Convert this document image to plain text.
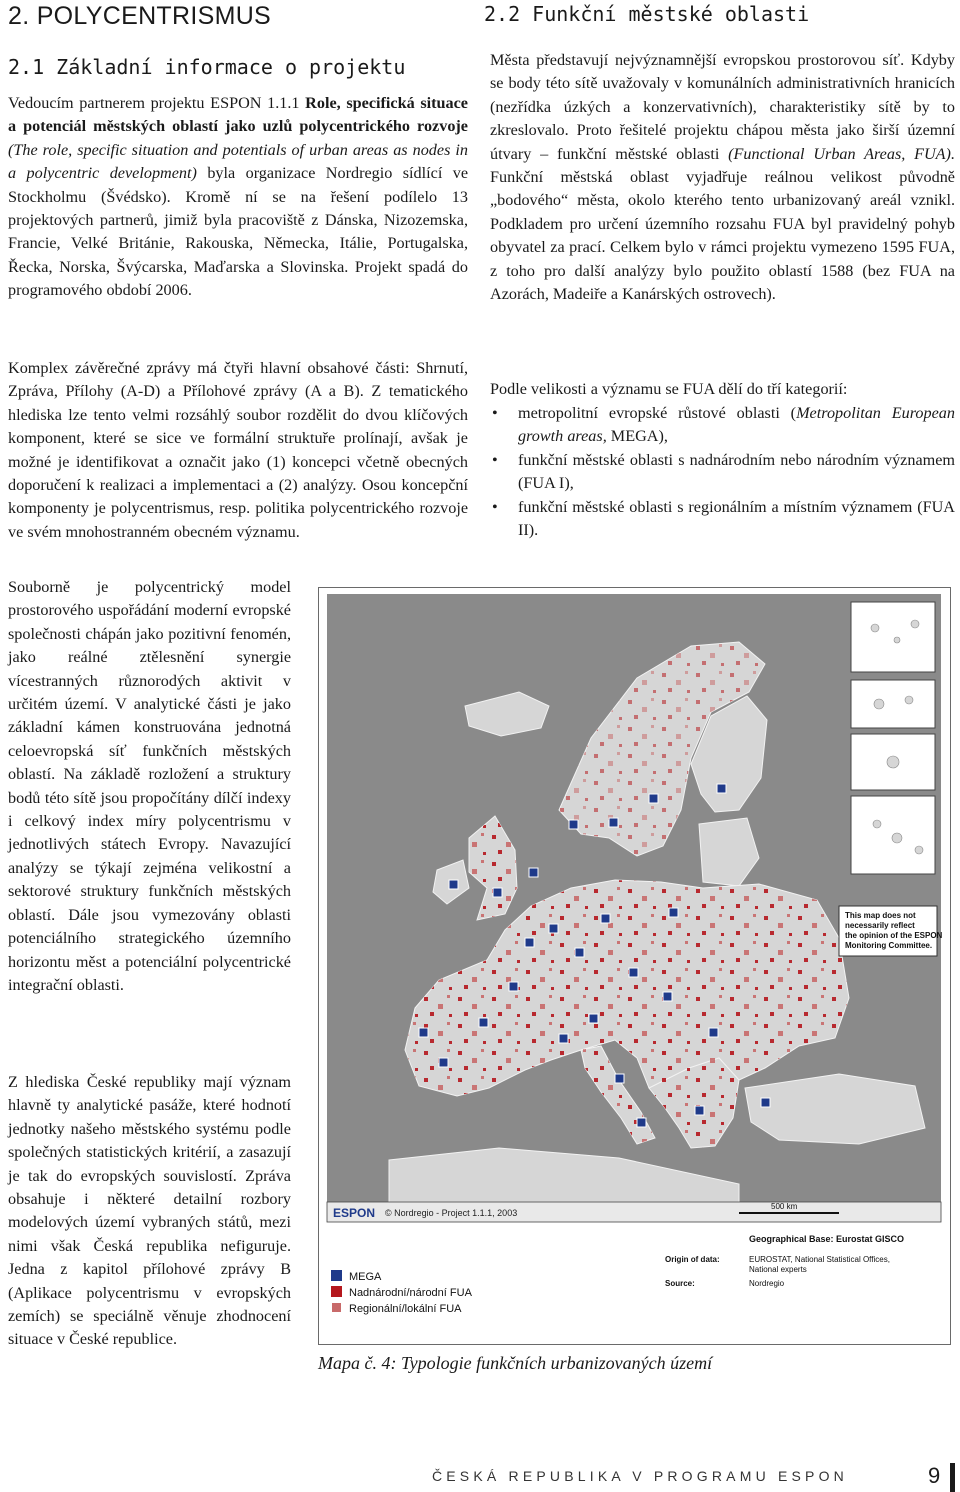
2. POLYCENTRISMUS
2.1 Základní informace o projektu

Vedoucím partnerem projektu ESPON 1.1.1 Role, specifická situace a potenciál městských oblastí jako uzlů polycentrického rozvoje (The role, specific situation and potentials of urban areas as nodes in a polycentric development) byla organizace Nordregio sídlící ve Stockholmu (Švédsko). Kromě ní se na řešení podílelo 13 projektových partnerů, jimiž byla pracoviště z Dánska, Nizozemska, Francie, Velké Británie, Rakouska, Německa, Itálie, Portugalska, Řecka, Norska, Švýcarska, Maďarska a Slovinska. Projekt spadá do programového období 2006.

Komplex závěrečné zprávy má čtyři hlavní obsahové části: Shrnutí, Zpráva, Přílohy (A-D) a Přílohové zprávy (A a B). Z tematického hlediska lze tento velmi rozsáhlý soubor rozdělit do dvou klíčových komponent, které se sice ve formální struktuře prolínají, avšak je možné je identifikovat a označit jako (1) koncepci včetně obecných doporučení k realizaci a implementaci a (2) analýzy. Osou koncepční komponenty je polycentrismus, resp. politika polycentrického rozvoje ve svém mnohostranném obecném významu.

Souborně je polycentrický model prostorového uspořádání moderní evropské společnosti chápán jako pozitivní fenomén, jako reálné ztělesnění synergie vícestranných různorodých aktivit v určitém území. V analytické části je jako základní kámen konstruována jednotná celoevropská síť funkčních městských oblastí. Na základě rozložení a struktury bodů této sítě jsou propočítány dílčí indexy i celkový index míry polycentrismu v jednotlivých státech Evropy. Navazující analýzy se týkají zejména velikostní a sektorové struktury funkčních městských oblastí. Dále jsou vymezovány oblasti potenciálního strategického územního horizontu měst a potenciální polycentrické integrační oblasti.

Z hlediska České republiky mají význam hlavně ty analytické pasáže, které hodnotí jednotky našeho městského systému podle společných statistických kritérií, a zasazují je tak do evropských souvislostí. Zpráva obsahuje i některé detailní rozbory modelových území vybraných států, mezi nimi však Česká republika nefiguruje. Jedna z kapitol přílohové zprávy B (Aplikace polycentrismu v evropských zemích) se speciálně věnuje zhodnocení situace v České republice.

2.2 Funkční městské oblasti

Města představují nejvýznamnější evropskou prostorovou síť. Kdyby se body této sítě uvažovaly v komunálních administrativních hranicích (nezřídka úzkých a konzervativních), charakteristiky sítě by to zkreslovalo. Proto řešitelé projektu chápou města jako širší územní útvary – funkční městské oblasti (Functional Urban Areas, FUA). Funkční městská oblast vyjadřuje reálnou velikost původně „bodového“ města, okolo kterého tento urbanizovaný areál vznikl. Podkladem pro určení územního rozsahu FUA byl pravidelný pohyb obyvatel za prací. Celkem bylo v rámci projektu vymezeno 1595 FUA, z toho pro další analýzy bylo použito oblastí 1588 (bez FUA na Azorách, Madeiře a Kanárských ostrovech).

Podle velikosti a významu se FUA dělí do tří kategorií:

• metropolitní evropské růstové oblasti (Metropolitan European growth areas, MEGA),
• funkční městské oblasti s nadnárodním nebo národním významem (FUA I),
• funkční městské oblasti s regionálním a místním významem (FUA II).
This map does not
necessarily reflect
the opinion of the ESPON
Monitoring Committee.
ESPON © Nordregio - Project 1.1.1, 2003
500 km
MEGA
Nadnárodní/národní FUA
Regionální/lokální FUA
Geographical Base: Eurostat GISCO
Origin of data:	EUROSTAT, National Statistical Offices,
National experts
Source:	Nordregio

Mapa č. 4: Typologie funkčních urbanizovaných území

ČESKÁ REPUBLIKA V PROGRAMU ESPON	9
